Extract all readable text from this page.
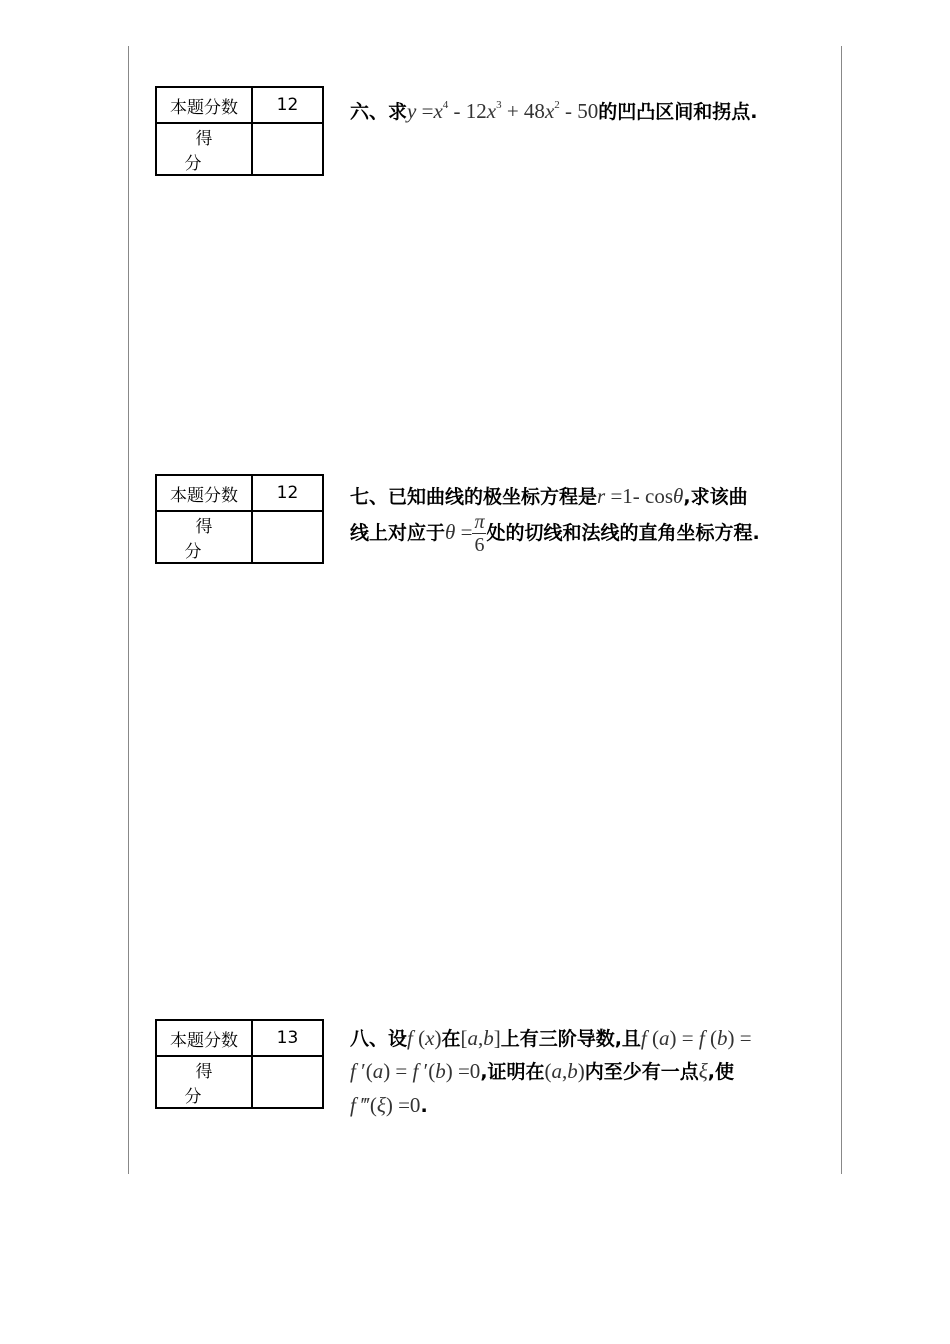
本题分数	12
得分	
六、求$y =x^4 - 12x^3 + 48x^2 - 50$的凹凸区间和拐点.
本题分数	12
得分	
七、已知曲线的极坐标方程是r =1- cosθ,求该曲
线上对应于$\theta = \frac{\pi}{6}$ 处的切线和法线的直角坐标方程.
本题分数	13
得分	
八、设f (x)在[a,b]上有三阶导数,且f (a) = f (b) =
f ′(a) = f ′(b) =0,证明在(a,b)内至少有一点ξ,使
f ‴(ξ) =0.
